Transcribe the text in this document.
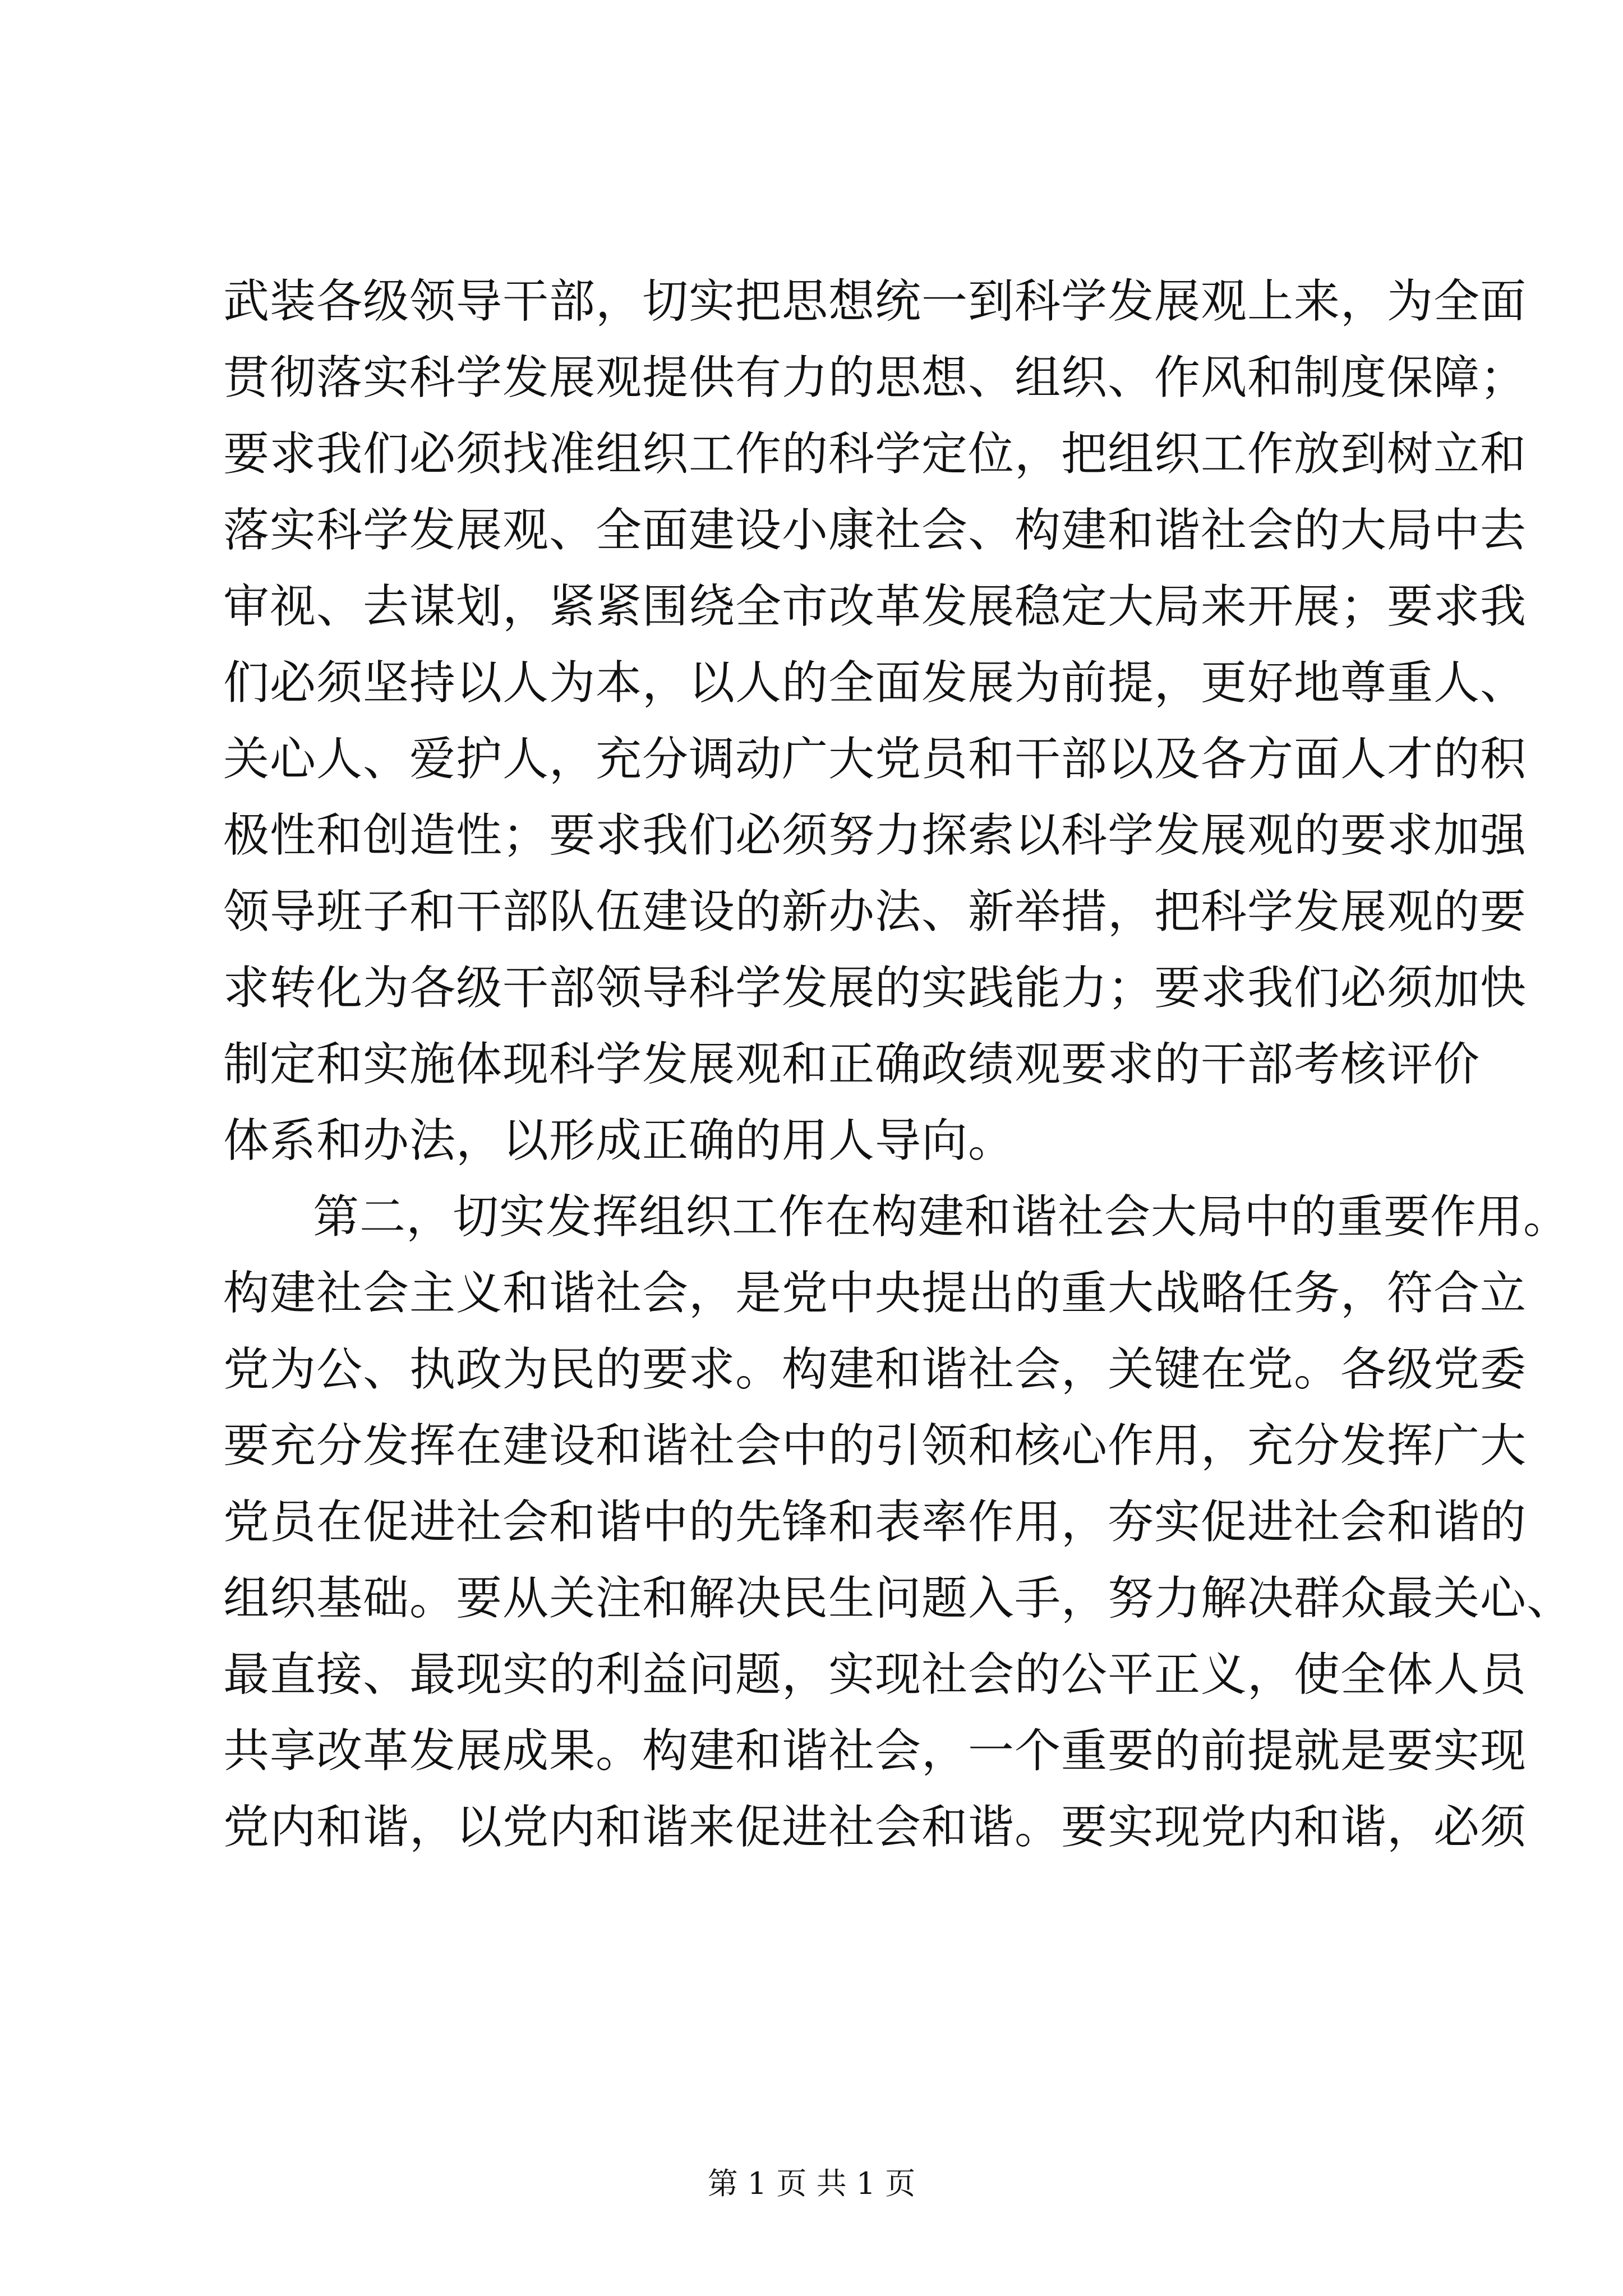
武装各级领导干部，切实把思想统一到科学发展观上来，为全面
贯彻落实科学发展观提供有力的思想、组织、作风和制度保障；
要求我们必须找准组织工作的科学定位，把组织工作放到树立和
落实科学发展观、全面建设小康社会、构建和谐社会的大局中去
审视、去谋划，紧紧围绕全市改革发展稳定大局来开展；要求我
们必须坚持以人为本，以人的全面发展为前提，更好地尊重人、
关心人、爱护人，充分调动广大党员和干部以及各方面人才的积
极性和创造性；要求我们必须努力探索以科学发展观的要求加强
领导班子和干部队伍建设的新办法、新举措，把科学发展观的要
求转化为各级干部领导科学发展的实践能力；要求我们必须加快
制定和实施体现科学发展观和正确政绩观要求的干部考核评价
体系和办法，以形成正确的用人导向。
第二，切实发挥组织工作在构建和谐社会大局中的重要作用。
构建社会主义和谐社会，是党中央提出的重大战略任务，符合立
党为公、执政为民的要求。构建和谐社会，关键在党。各级党委
要充分发挥在建设和谐社会中的引领和核心作用，充分发挥广大
党员在促进社会和谐中的先锋和表率作用，夯实促进社会和谐的
组织基础。要从关注和解决民生问题入手，努力解决群众最关心、
最直接、最现实的利益问题，实现社会的公平正义，使全体人员
共享改革发展成果。构建和谐社会，一个重要的前提就是要实现
党内和谐，以党内和谐来促进社会和谐。要实现党内和谐，必须
第 1 页 共 1 页
